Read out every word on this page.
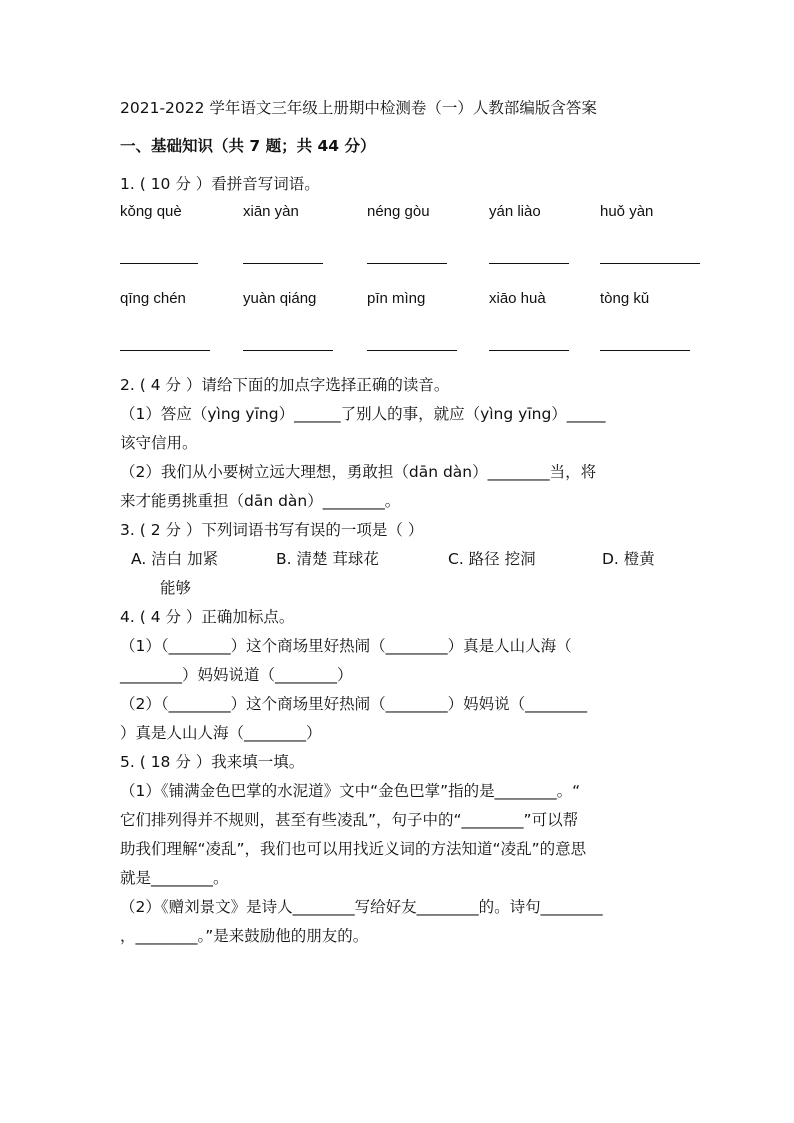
2021-2022 学年语文三年级上册期中检测卷（一）人教部编版含答案
一、基础知识（共 7 题；共 44 分）
1. ( 10 分 ）看拼音写词语。
kǒng què	xiān yàn	néng gòu	yán liào	huǒ yàn
qīng chén	yuàn qiáng	pīn mìng	xiāo huà	tòng kǔ
2. ( 4 分 ）请给下面的加点字选择正确的读音。
（1）答应（yìng yīng）______了别人的事，就应（yìng yīng）_____
该守信用。
（2）我们从小要树立远大理想，勇敢担（dān dàn）________当，将
来才能勇挑重担（dān dàn）________。
3. ( 2 分 ）下列词语书写有误的一项是（ ）
A. 洁白 加紧	B. 清楚 茸球花	C. 路径 挖洞	D. 橙黄
能够
4. ( 4 分 ）正确加标点。
（1）（________）这个商场里好热闹（________）真是人山人海（
________）妈妈说道（________）
（2）（________）这个商场里好热闹（________）妈妈说（________
）真是人山人海（________）
5. ( 18 分 ）我来填一填。
（1）《铺满金色巴掌的水泥道》文中“金色巴掌”指的是________。“
它们排列得并不规则，甚至有些凌乱”，句子中的“________”可以帮
助我们理解“凌乱”，我们也可以用找近义词的方法知道“凌乱”的意思
就是________。
（2）《赠刘景文》是诗人________写给好友________的。诗句________
，________。”是来鼓励他的朋友的。
